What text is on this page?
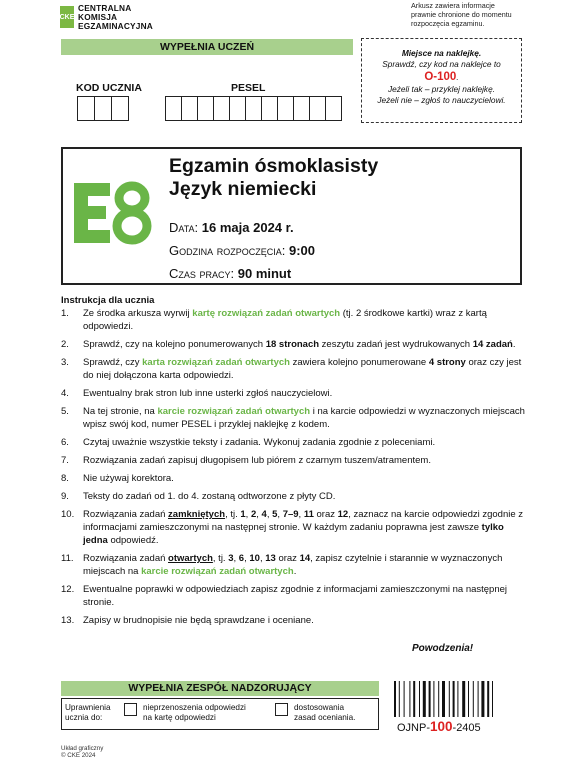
CKE
CENTRALNA
KOMISJA
EGZAMINACYJNA
Arkusz zawiera informacje
prawnie chronione do momentu
rozpoczęcia egzaminu.
WYPEŁNIA UCZEŃ
KOD UCZNIA	PESEL
Miejsce na naklejkę.
Sprawdź, czy kod na naklejce to
O-100.
Jeżeli tak – przyklej naklejkę.
Jeżeli nie – zgłoś to nauczycielowi.
Egzamin ósmoklasisty
Język niemiecki
Data: 16 maja 2024 r.
Godzina rozpoczęcia: 9:00
Czas pracy: 90 minut
Instrukcja dla ucznia
1. Ze środka arkusza wyrwij kartę rozwiązań zadań otwartych (tj. 2 środkowe kartki) wraz z kartą odpowiedzi.
2. Sprawdź, czy na kolejno ponumerowanych 18 stronach zeszytu zadań jest wydrukowanych 14 zadań.
3. Sprawdź, czy karta rozwiązań zadań otwartych zawiera kolejno ponumerowane 4 strony oraz czy jest do niej dołączona karta odpowiedzi.
4. Ewentualny brak stron lub inne usterki zgłoś nauczycielowi.
5. Na tej stronie, na karcie rozwiązań zadań otwartych i na karcie odpowiedzi w wyznaczonych miejscach wpisz swój kod, numer PESEL i przyklej naklejkę z kodem.
6. Czytaj uważnie wszystkie teksty i zadania. Wykonuj zadania zgodnie z poleceniami.
7. Rozwiązania zadań zapisuj długopisem lub piórem z czarnym tuszem/atramentem.
8. Nie używaj korektora.
9. Teksty do zadań od 1. do 4. zostaną odtworzone z płyty CD.
10. Rozwiązania zadań zamkniętych, tj. 1, 2, 4, 5, 7–9, 11 oraz 12, zaznacz na karcie odpowiedzi zgodnie z informacjami zamieszczonymi na następnej stronie. W każdym zadaniu poprawna jest zawsze tylko jedna odpowiedź.
11. Rozwiązania zadań otwartych, tj. 3, 6, 10, 13 oraz 14, zapisz czytelnie i starannie w wyznaczonych miejscach na karcie rozwiązań zadań otwartych.
12. Ewentualne poprawki w odpowiedziach zapisz zgodnie z informacjami zamieszczonymi na następnej stronie.
13. Zapisy w brudnopisie nie będą sprawdzane i oceniane.
Powodzenia!
WYPEŁNIA ZESPÓŁ NADZORUJĄCY
Uprawnienia
ucznia do:
nieprzenoszenia odpowiedzi
na kartę odpowiedzi
dostosowania
zasad oceniania.
OJNP-100-2405
Układ graficzny
© CKE 2024
